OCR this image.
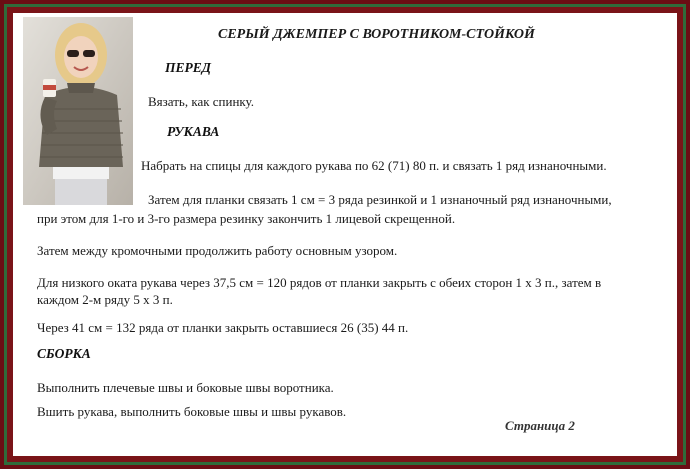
СЕРЫЙ ДЖЕМПЕР С ВОРОТНИКОМ-СТОЙКОЙ
ПЕРЕД
Вязать, как спинку.
РУКАВА
Набрать на спицы для каждого рукава по 62 (71) 80 п. и связать 1 ряд изнаночными.
Затем для планки связать 1 см = 3 ряда резинкой и 1 изнаночный ряд изнаночными,
при этом для 1-го и 3-го размера резинку закончить 1 лицевой скрещенной.
Затем между кромочными продолжить работу основным узором.
Для низкого оката рукава через 37,5 см = 120 рядов от планки закрыть с обеих сторон 1 х 3 п., затем в
каждом 2-м ряду 5 х 3 п.
Через 41 см = 132 ряда от планки закрыть оставшиеся 26 (35) 44 п.
СБОРКА
Выполнить плечевые швы и боковые швы воротника.
Вшить рукава, выполнить боковые швы и швы рукавов.
Страница 2
